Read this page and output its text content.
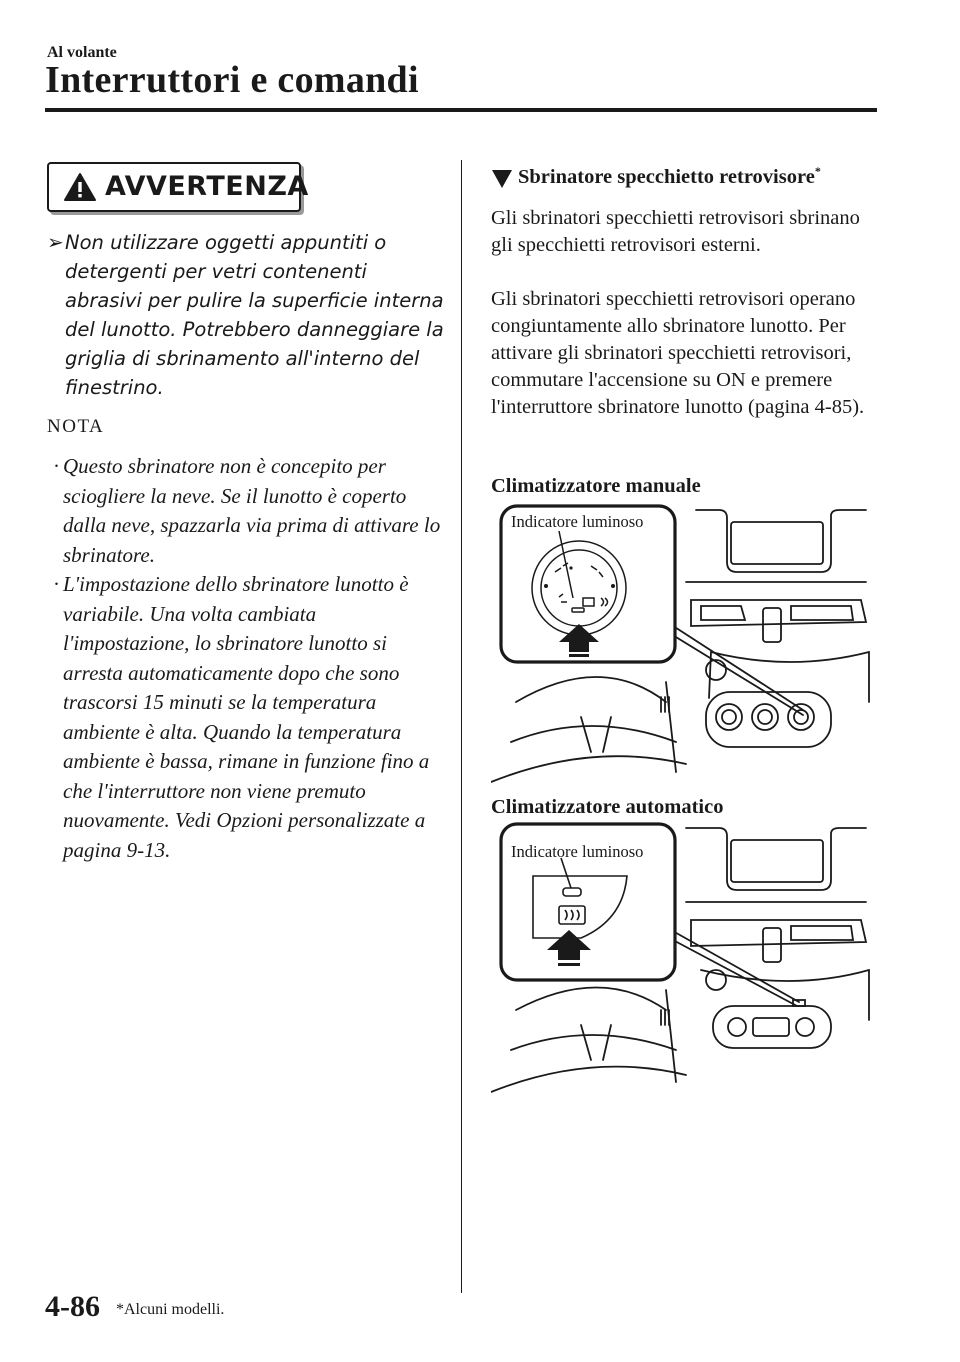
Al volante
Interruttori e comandi
AVVERTENZA
➢ Non utilizzare oggetti appuntiti o detergenti per vetri contenenti abrasivi per pulire la superficie interna del lunotto. Potrebbero danneggiare la griglia di sbrinamento all'interno del finestrino.
NOTA
· Questo sbrinatore non è concepito per sciogliere la neve. Se il lunotto è coperto dalla neve, spazzarla via prima di attivare lo sbrinatore.
· L'impostazione dello sbrinatore lunotto è variabile. Una volta cambiata l'impostazione, lo sbrinatore lunotto si arresta automaticamente dopo che sono trascorsi 15 minuti se la temperatura ambiente è alta. Quando la temperatura ambiente è bassa, rimane in funzione fino a che l'interruttore non viene premuto nuovamente. Vedi Opzioni personalizzate a pagina 9-13.
Sbrinatore specchietto retrovisore*
Gli sbrinatori specchietti retrovisori sbrinano gli specchietti retrovisori esterni.
Gli sbrinatori specchietti retrovisori operano congiuntamente allo sbrinatore lunotto. Per attivare gli sbrinatori specchietti retrovisori, commutare l'accensione su ON e premere l'interruttore sbrinatore lunotto (pagina 4-85).
Climatizzatore manuale
Indicatore luminoso
Climatizzatore automatico
Indicatore luminoso
4-86 *Alcuni modelli.
